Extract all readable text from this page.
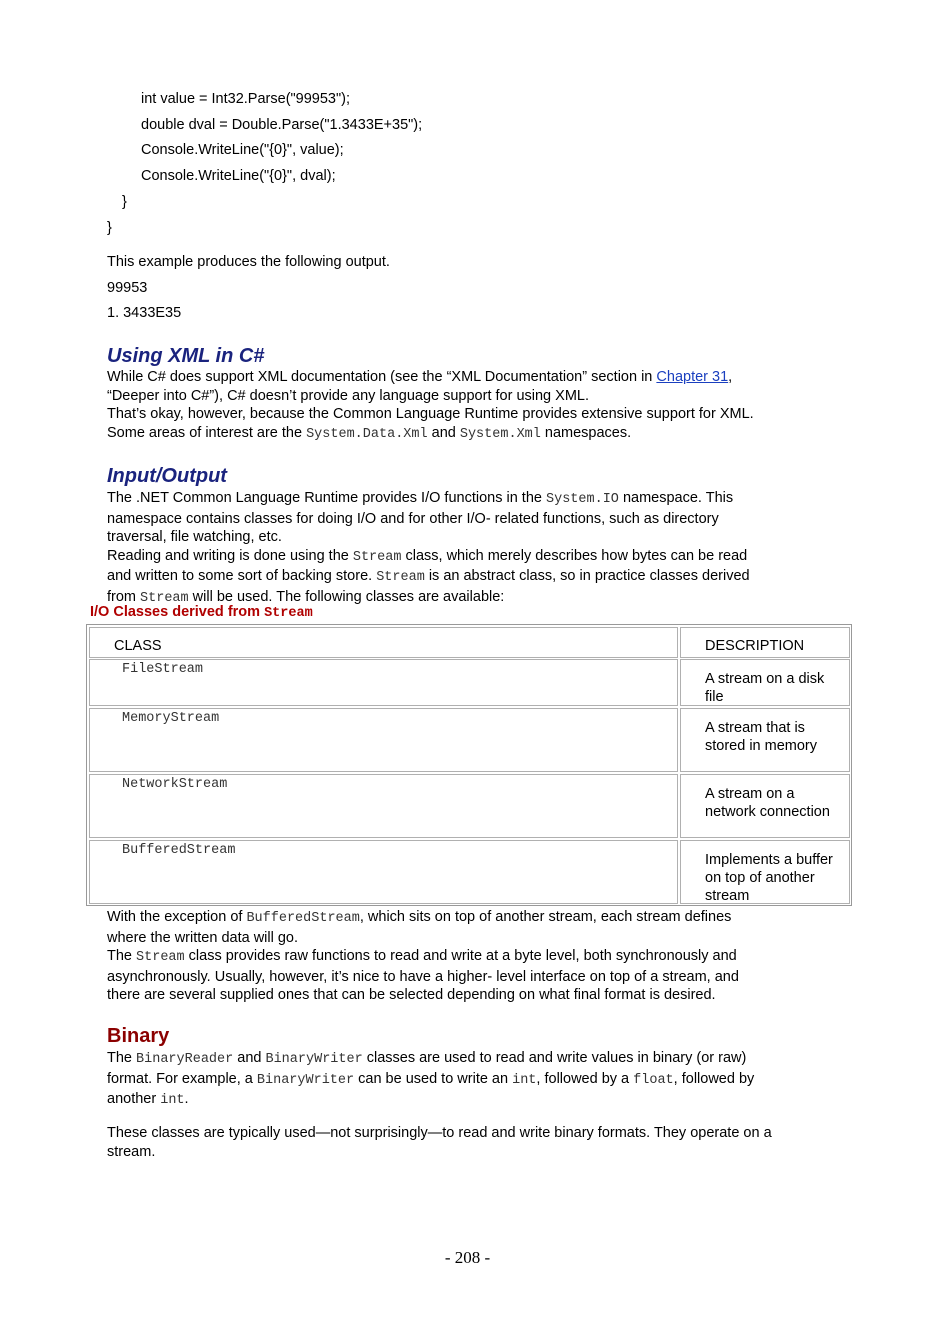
int value = Int32.Parse("99953");
double dval = Double.Parse("1.3433E+35");
Console.WriteLine("{0}", value);
Console.WriteLine("{0}", dval);
}
}
This example produces the following output.
99953
1. 3433E35
Using XML in C#
While C# does support XML documentation (see the “XML Documentation” section in Chapter 31,
“Deeper into C#”), C# doesn’t provide any language support for using XML.
That’s okay, however, because the Common Language Runtime provides extensive support for XML.
Some areas of interest are the System.Data.Xml and System.Xml namespaces.
Input/Output
The .NET Common Language Runtime provides I/O functions in the System.IO namespace. This
namespace contains classes for doing I/O and for other I/O- related functions, such as directory
traversal, file watching, etc.
Reading and writing is done using the Stream class, which merely describes how bytes can be read
and written to some sort of backing store. Stream is an abstract class, so in practice classes derived
from Stream will be used. The following classes are available:
I/O Classes derived from Stream
CLASS	DESCRIPTION
FileStream
A stream on a disk file
MemoryStream
A stream that is stored in memory
NetworkStream
A stream on a network connection
BufferedStream
Implements a buffer on top of another stream
With the exception of BufferedStream, which sits on top of another stream, each stream defines
where the written data will go.
The Stream class provides raw functions to read and write at a byte level, both synchronously and
asynchronously. Usually, however, it’s nice to have a higher- level interface on top of a stream, and
there are several supplied ones that can be selected depending on what final format is desired.
Binary
The BinaryReader and BinaryWriter classes are used to read and write values in binary (or raw)
format. For example, a BinaryWriter can be used to write an int, followed by a float, followed by
another int.
These classes are typically used—not surprisingly—to read and write binary formats. They operate on a
stream.
- 208 -
